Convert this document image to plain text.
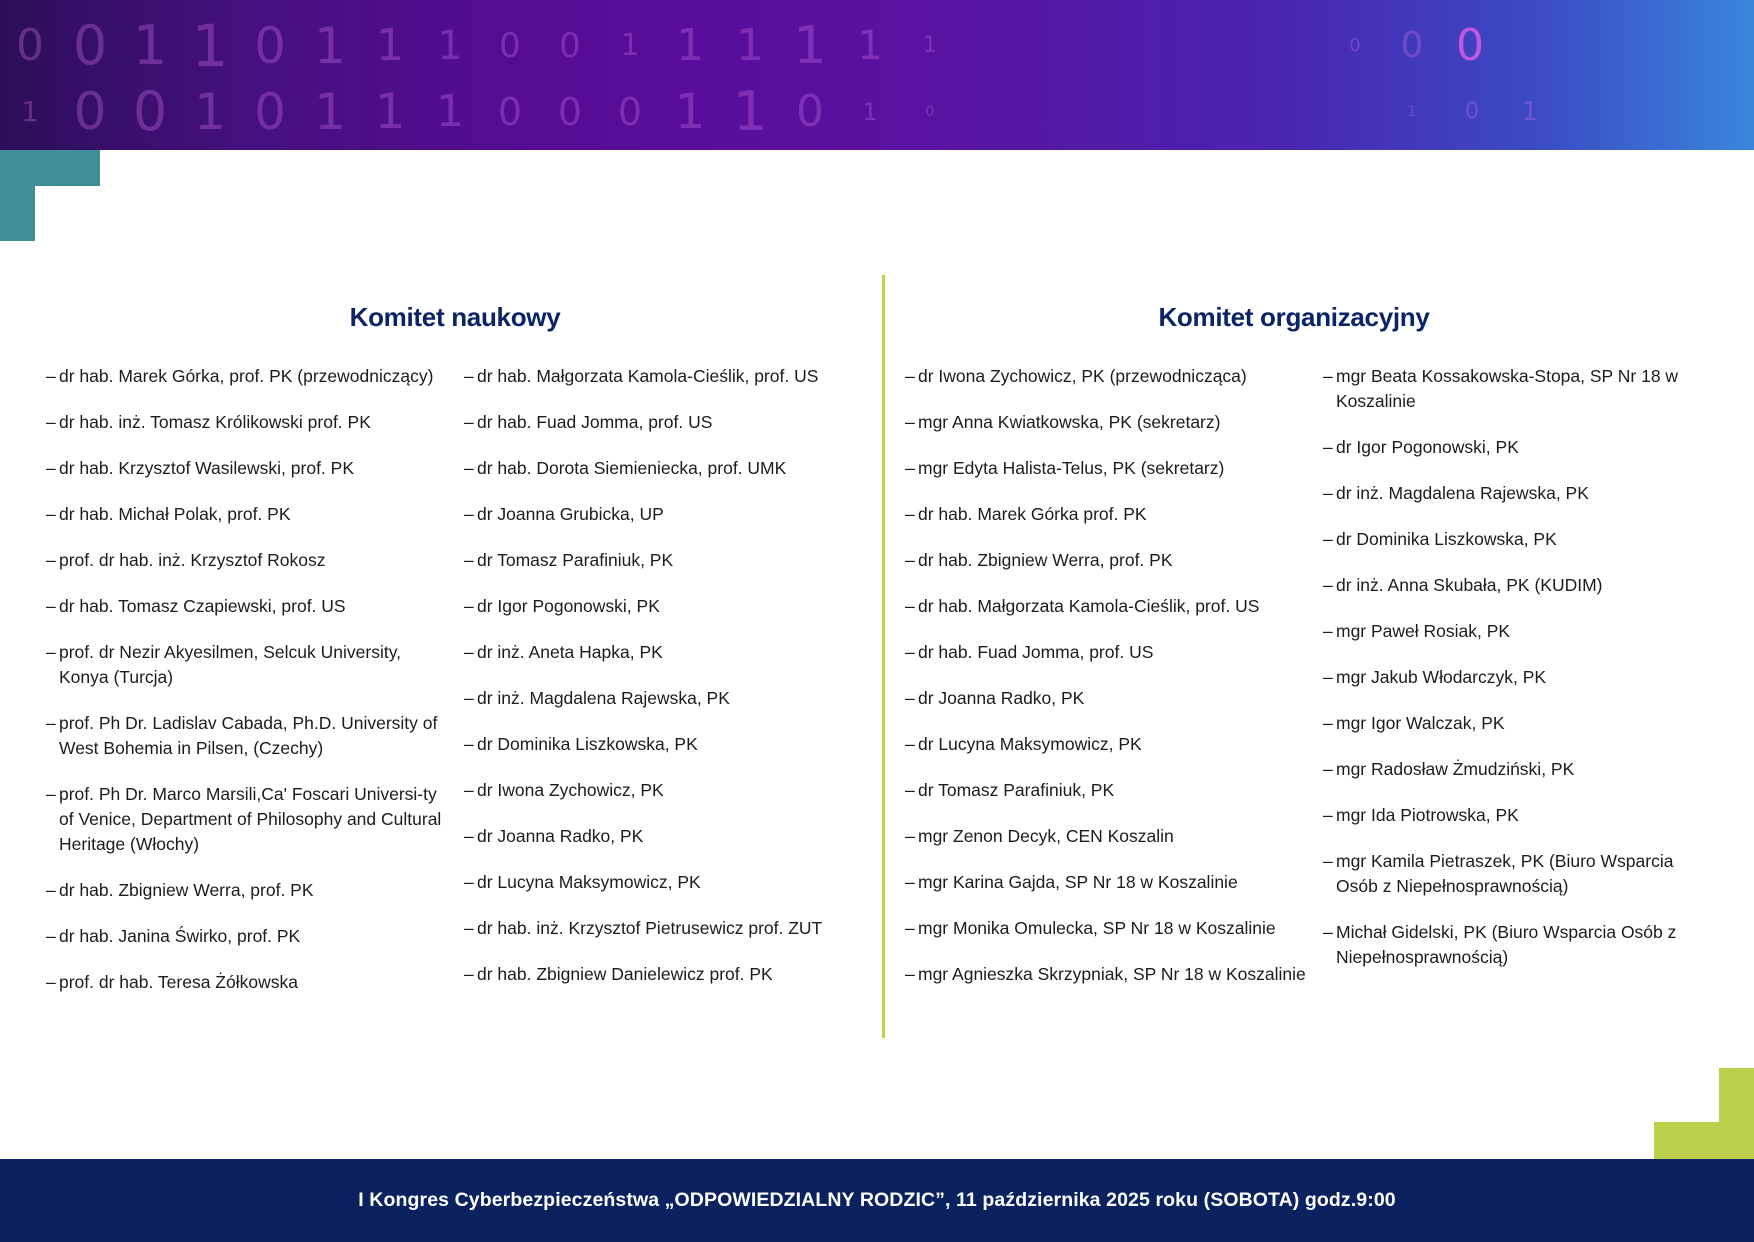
0 0 1 1 0 1 1 1 0 0 1 1 1 1 1 1	0 0 0
1 0 0 1 0 1 1 1 0 0 0 1 1 0 1	0	1 0 1
Komitet naukowy
– dr hab. Marek Górka, prof. PK (przewodniczący)
– dr hab. inż. Tomasz Królikowski prof. PK
– dr hab. Krzysztof Wasilewski, prof. PK
– dr hab. Michał Polak, prof. PK
– prof. dr hab. inż. Krzysztof Rokosz
– dr hab. Tomasz Czapiewski, prof. US
– prof. dr Nezir Akyesilmen, Selcuk University, Konya (Turcja)
– prof. Ph Dr. Ladislav Cabada, Ph.D. University of West Bohemia in Pilsen, (Czechy)
– prof. Ph Dr. Marco Marsili,Ca' Foscari Universi-ty of Venice, Department of Philosophy and Cultural Heritage (Włochy)
– dr hab. Zbigniew Werra, prof. PK
– dr hab. Janina Świrko, prof. PK
– prof. dr hab. Teresa Żółkowska
– dr hab. Małgorzata Kamola-Cieślik, prof. US
– dr hab. Fuad Jomma, prof. US
– dr hab. Dorota Siemieniecka, prof. UMK
– dr Joanna Grubicka, UP
– dr Tomasz Parafiniuk, PK
– dr Igor Pogonowski, PK
– dr inż. Aneta Hapka, PK
– dr inż. Magdalena Rajewska, PK
– dr Dominika Liszkowska, PK
– dr Iwona Zychowicz, PK
– dr Joanna Radko, PK
– dr Lucyna Maksymowicz, PK
– dr hab. inż. Krzysztof Pietrusewicz prof. ZUT
– dr hab. Zbigniew Danielewicz prof. PK
Komitet organizacyjny
– dr Iwona Zychowicz, PK (przewodnicząca)
– mgr Anna Kwiatkowska, PK (sekretarz)
– mgr Edyta Halista-Telus, PK (sekretarz)
– dr hab. Marek Górka prof. PK
– dr hab. Zbigniew Werra, prof. PK
– dr hab. Małgorzata Kamola-Cieślik, prof. US
– dr hab. Fuad Jomma, prof. US
– dr Joanna Radko, PK
– dr Lucyna Maksymowicz, PK
– dr Tomasz Parafiniuk, PK
– mgr Zenon Decyk, CEN Koszalin
– mgr Karina Gajda, SP Nr 18 w Koszalinie
– mgr Monika Omulecka, SP Nr 18 w Koszalinie
– mgr Agnieszka Skrzypniak, SP Nr 18 w Koszalinie
– mgr Beata Kossakowska-Stopa, SP Nr 18 w Koszalinie
– dr Igor Pogonowski, PK
– dr inż. Magdalena Rajewska, PK
– dr Dominika Liszkowska, PK
– dr inż. Anna Skubała, PK (KUDIM)
– mgr Paweł Rosiak, PK
– mgr Jakub Włodarczyk, PK
– mgr Igor Walczak, PK
– mgr Radosław Żmudziński, PK
– mgr Ida Piotrowska, PK
– mgr Kamila Pietraszek, PK (Biuro Wsparcia Osób z Niepełnosprawnością)
– Michał Gidelski, PK (Biuro Wsparcia Osób z Niepełnosprawnością)
I Kongres Cyberbezpieczeństwa „ODPOWIEDZIALNY RODZIC”, 11 października 2025 roku (SOBOTA) godz.9:00
